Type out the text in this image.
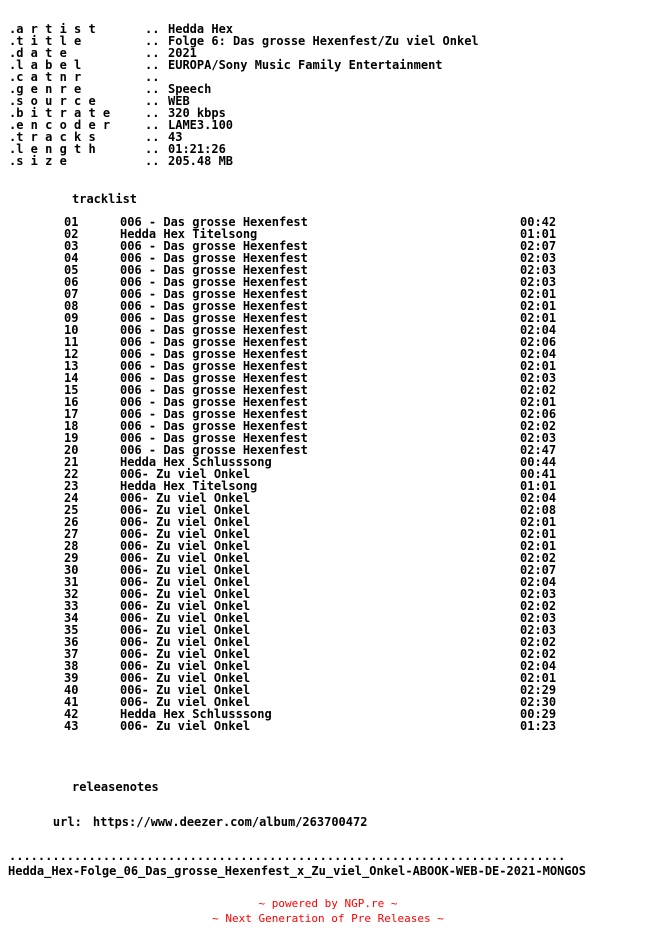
.a r t i s t	.. Hedda Hex
.t i t l e	.. Folge 6: Das grosse Hexenfest/Zu viel Onkel
.d a t e	.. 2021
.l a b e l	.. EUROPA/Sony Music Family Entertainment
.c a t n r	..
.g e n r e	.. Speech
.s o u r c e	.. WEB
.b i t r a t e	.. 320 kbps
.e n c o d e r	.. LAME3.100
.t r a c k s	.. 43
.l e n g t h	.. 01:21:26
.s i z e	.. 205.48 MB
tracklist
01	006 - Das grosse Hexenfest	00:42
02	Hedda Hex Titelsong	01:01
03	006 - Das grosse Hexenfest	02:07
04	006 - Das grosse Hexenfest	02:03
05	006 - Das grosse Hexenfest	02:03
06	006 - Das grosse Hexenfest	02:03
07	006 - Das grosse Hexenfest	02:01
08	006 - Das grosse Hexenfest	02:01
09	006 - Das grosse Hexenfest	02:01
10	006 - Das grosse Hexenfest	02:04
11	006 - Das grosse Hexenfest	02:06
12	006 - Das grosse Hexenfest	02:04
13	006 - Das grosse Hexenfest	02:01
14	006 - Das grosse Hexenfest	02:03
15	006 - Das grosse Hexenfest	02:02
16	006 - Das grosse Hexenfest	02:01
17	006 - Das grosse Hexenfest	02:06
18	006 - Das grosse Hexenfest	02:02
19	006 - Das grosse Hexenfest	02:03
20	006 - Das grosse Hexenfest	02:47
21	Hedda Hex Schlusssong	00:44
22	006- Zu viel Onkel	00:41
23	Hedda Hex Titelsong	01:01
24	006- Zu viel Onkel	02:04
25	006- Zu viel Onkel	02:08
26	006- Zu viel Onkel	02:01
27	006- Zu viel Onkel	02:01
28	006- Zu viel Onkel	02:01
29	006- Zu viel Onkel	02:02
30	006- Zu viel Onkel	02:07
31	006- Zu viel Onkel	02:04
32	006- Zu viel Onkel	02:03
33	006- Zu viel Onkel	02:02
34	006- Zu viel Onkel	02:03
35	006- Zu viel Onkel	02:03
36	006- Zu viel Onkel	02:02
37	006- Zu viel Onkel	02:02
38	006- Zu viel Onkel	02:04
39	006- Zu viel Onkel	02:01
40	006- Zu viel Onkel	02:29
41	006- Zu viel Onkel	02:30
42	Hedda Hex Schlusssong	00:29
43	006- Zu viel Onkel	01:23
releasenotes

url: https://www.deezer.com/album/263700472

.............................................................................
Hedda_Hex-Folge_06_Das_grosse_Hexenfest_x_Zu_viel_Onkel-ABOOK-WEB-DE-2021-MONGOS
~ powered by NGP.re ~
~ Next Generation of Pre Releases ~
